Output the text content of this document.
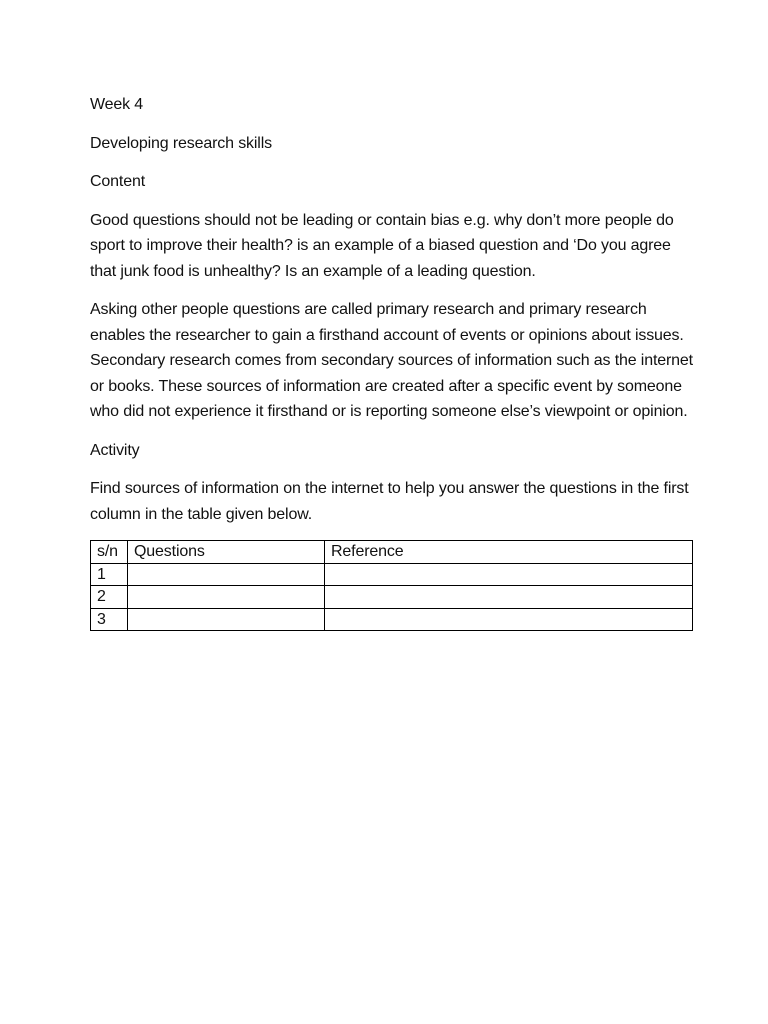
Week 4

Developing research skills

Content

Good questions should not be leading or contain bias e.g. why don’t more people do sport to improve their health? is an example of a biased question and ‘Do you agree that junk food is unhealthy? Is an example of a leading question.

Asking other people questions are called primary research and primary research enables the researcher to gain a firsthand account of events or opinions about issues. Secondary research comes from secondary sources of information such as the internet or books. These sources of information are created after a specific event by someone who did not experience it firsthand or is reporting someone else’s viewpoint or opinion.

Activity

Find sources of information on the internet to help you answer the questions in the first column in the table given below.

s/n	Questions	Reference
1		
2		
3		
